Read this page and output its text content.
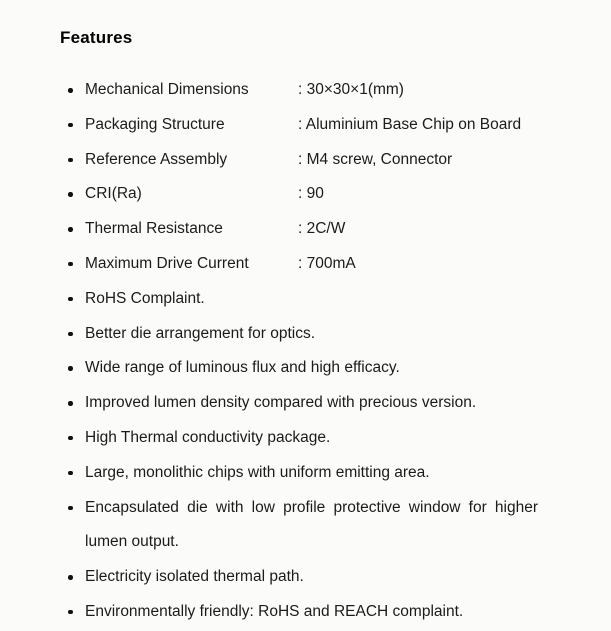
Features
Mechanical Dimensions	: 30×30×1(mm)
Packaging Structure	: Aluminium Base Chip on Board
Reference Assembly	: M4 screw, Connector
CRI(Ra)	: 90
Thermal Resistance	: 2C/W
Maximum Drive Current	: 700mA
RoHS Complaint.
Better die arrangement for optics.
Wide range of luminous flux and high efficacy.
Improved lumen density compared with precious version.
High Thermal conductivity package.
Large, monolithic chips with uniform emitting area.
Encapsulated die with low profile protective window for higher lumen output.
Electricity isolated thermal path.
Environmentally friendly: RoHS and REACH complaint.
